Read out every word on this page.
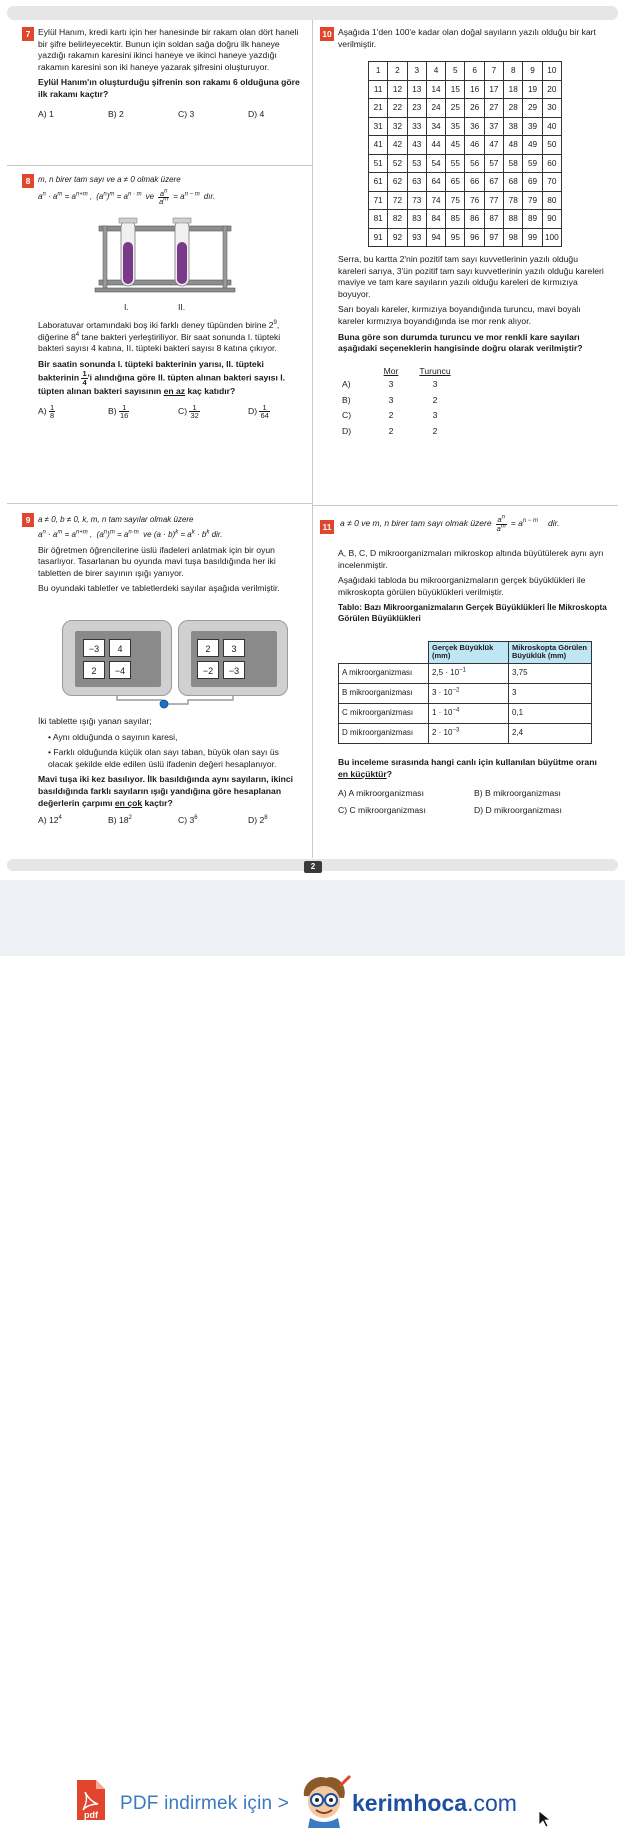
7 Eylül Hanım, kredi kartı için her hanesinde bir rakam olan dört haneli bir şifre belirleyecektir. Bunun için soldan sağa doğru ilk haneye yazdığı rakamın karesini ikinci haneye ve ikinci haneye yazdığı rakamın karesini son iki haneye yazarak şifresini oluşturuyor.
Eylül Hanım'ın oluşturduğu şifrenin son rakamı 6 olduğuna göre ilk rakamı kaçtır?
A) 1	B) 2	C) 3	D) 4
8 m, n birer tam sayı ve a ≠ 0 olmak üzere
$a^n \cdot a^m = a^{n+m}$ , $(a^n)^m = a^{n \cdot m}$ ve $\frac{a^n}{a^m} = a^{n - m}$ dır.
I.	II.
Laboratuvar ortamındaki boş iki farklı deney tüpünden birine $2^9$, diğerine $8^4$ tane bakteri yerleştiriliyor. Bir saat sonunda I. tüpteki bakteri sayısı 4 katına, II. tüpteki bakteri sayısı 8 katına çıkıyor.
Bir saatin sonunda I. tüpteki bakterinin yarısı, II. tüpteki bakterinin $\frac{1}{4}$ 'i alındığına göre II. tüpten alınan bakteri sayısı I. tüpten alınan bakteri sayısının en az kaç katıdır?
$A) \frac{1}{8}$	$B) \frac{1}{16}$	$C) \frac{1}{32}$	$D) \frac{1}{64}$
9 a ≠ 0, b ≠ 0, k, m, n tam sayılar olmak üzere
$a^n \cdot a^m = a^{n+m}$ ,  $(a^n)^m = a^{n\cdot m}$  ve $(a \cdot b)^k = a^k \cdot b^k$ dir.
Bir öğretmen öğrencilerine üslü ifadeleri anlatmak için bir oyun tasarlıyor. Tasarlanan bu oyunda mavi tuşa basıldığında her iki tabletten de birer sayının ışığı yanıyor.
Bu oyundaki tabletler ve tabletlerdeki sayılar aşağıda verilmiştir.
−3	4
2	−4
2	3
−2	−3
İki tablette ışığı yanan sayılar;
• Aynı olduğunda o sayının karesi,
• Farklı olduğunda küçük olan sayı taban, büyük olan sayı üs olacak şekilde elde edilen üslü ifadenin değeri hesaplanıyor.
Mavi tuşa iki kez basılıyor. İlk basıldığında aynı sayıların, ikinci basıldığında farklı sayıların ışığı yandığına göre hesaplanan değerlerin çarpımı en çok kaçtır?
A) $12^4$	B) $18^2$	C) $3^6$	D) $2^8$
10 Aşağıda 1'den 100'e kadar olan doğal sayıların yazılı olduğu bir kart verilmiştir.
1	2	3	4	5	6	7	8	9	10
11	12	13	14	15	16	17	18	19	20
21	22	23	24	25	26	27	28	29	30
31	32	33	34	35	36	37	38	39	40
41	42	43	44	45	46	47	48	49	50
51	52	53	54	55	56	57	58	59	60
61	62	63	64	65	66	67	68	69	70
71	72	73	74	75	76	77	78	79	80
81	82	83	84	85	86	87	88	89	90
91	92	93	94	95	96	97	98	99	100
Serra, bu kartta 2'nin pozitif tam sayı kuvvetlerinin yazılı olduğu kareleri sarıya, 3'ün pozitif tam sayı kuvvetlerinin yazılı olduğu kareleri maviye ve tam kare sayıların yazılı olduğu kareleri de kırmızıya boyuyor.
Sarı boyalı kareler, kırmızıya boyandığında turuncu, mavi boyalı kareler kırmızıya boyandığında ise mor renk alıyor.
Buna göre son durumda turuncu ve mor renkli kare sayıları aşağıdaki seçeneklerin hangisinde doğru olarak verilmiştir?
Mor	Turuncu
A)	3	3
B)	3	2
C)	2	3
D)	2	2
11 a ≠ 0 ve m, n birer tam sayı olmak üzere $\frac{a^n}{a^m} = a^{n - m}$ dir.
A, B, C, D mikroorganizmaları mikroskop altında büyütülerek aynı ayrı incelenmiştir.
Aşağıdaki tabloda bu mikroorganizmaların gerçek büyüklükleri ile mikroskopta görülen büyüklükleri verilmiştir.
Tablo: Bazı Mikroorganizmaların Gerçek Büyüklükleri İle Mikroskopta Görülen Büyüklükleri
	Gerçek Büyüklük (mm)	Mikroskopta Görülen Büyüklük (mm)
A mikroorganizması	$2,5 \cdot 10^{-1}$	3,75
B mikroorganizması	$3 \cdot 10^{-2}$	3
C mikroorganizması	$1 \cdot 10^{-4}$	0,1
D mikroorganizması	$2 \cdot 10^{-3}$	2,4
Bu inceleme sırasında hangi canlı için kullanılan büyütme oranı en küçüktür?
A) A mikroorganizması	B) B mikroorganizması
C) C mikroorganizması	D) D mikroorganizması
2
pdf
PDF indirmek için >	kerimhoca.com
